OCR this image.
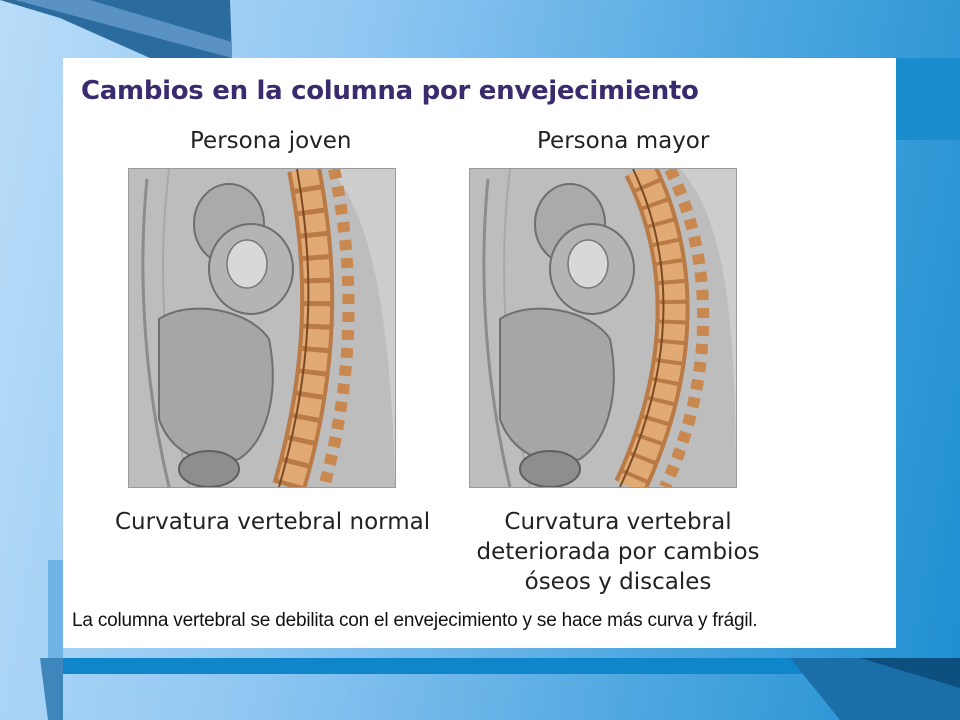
Cambios en la columna por envejecimiento
Persona joven	Persona mayor
Curvatura vertebral normal	Curvatura vertebral
deteriorada por cambios
óseos y discales

La columna vertebral se debilita con el envejecimiento y se hace más curva y frágil.
